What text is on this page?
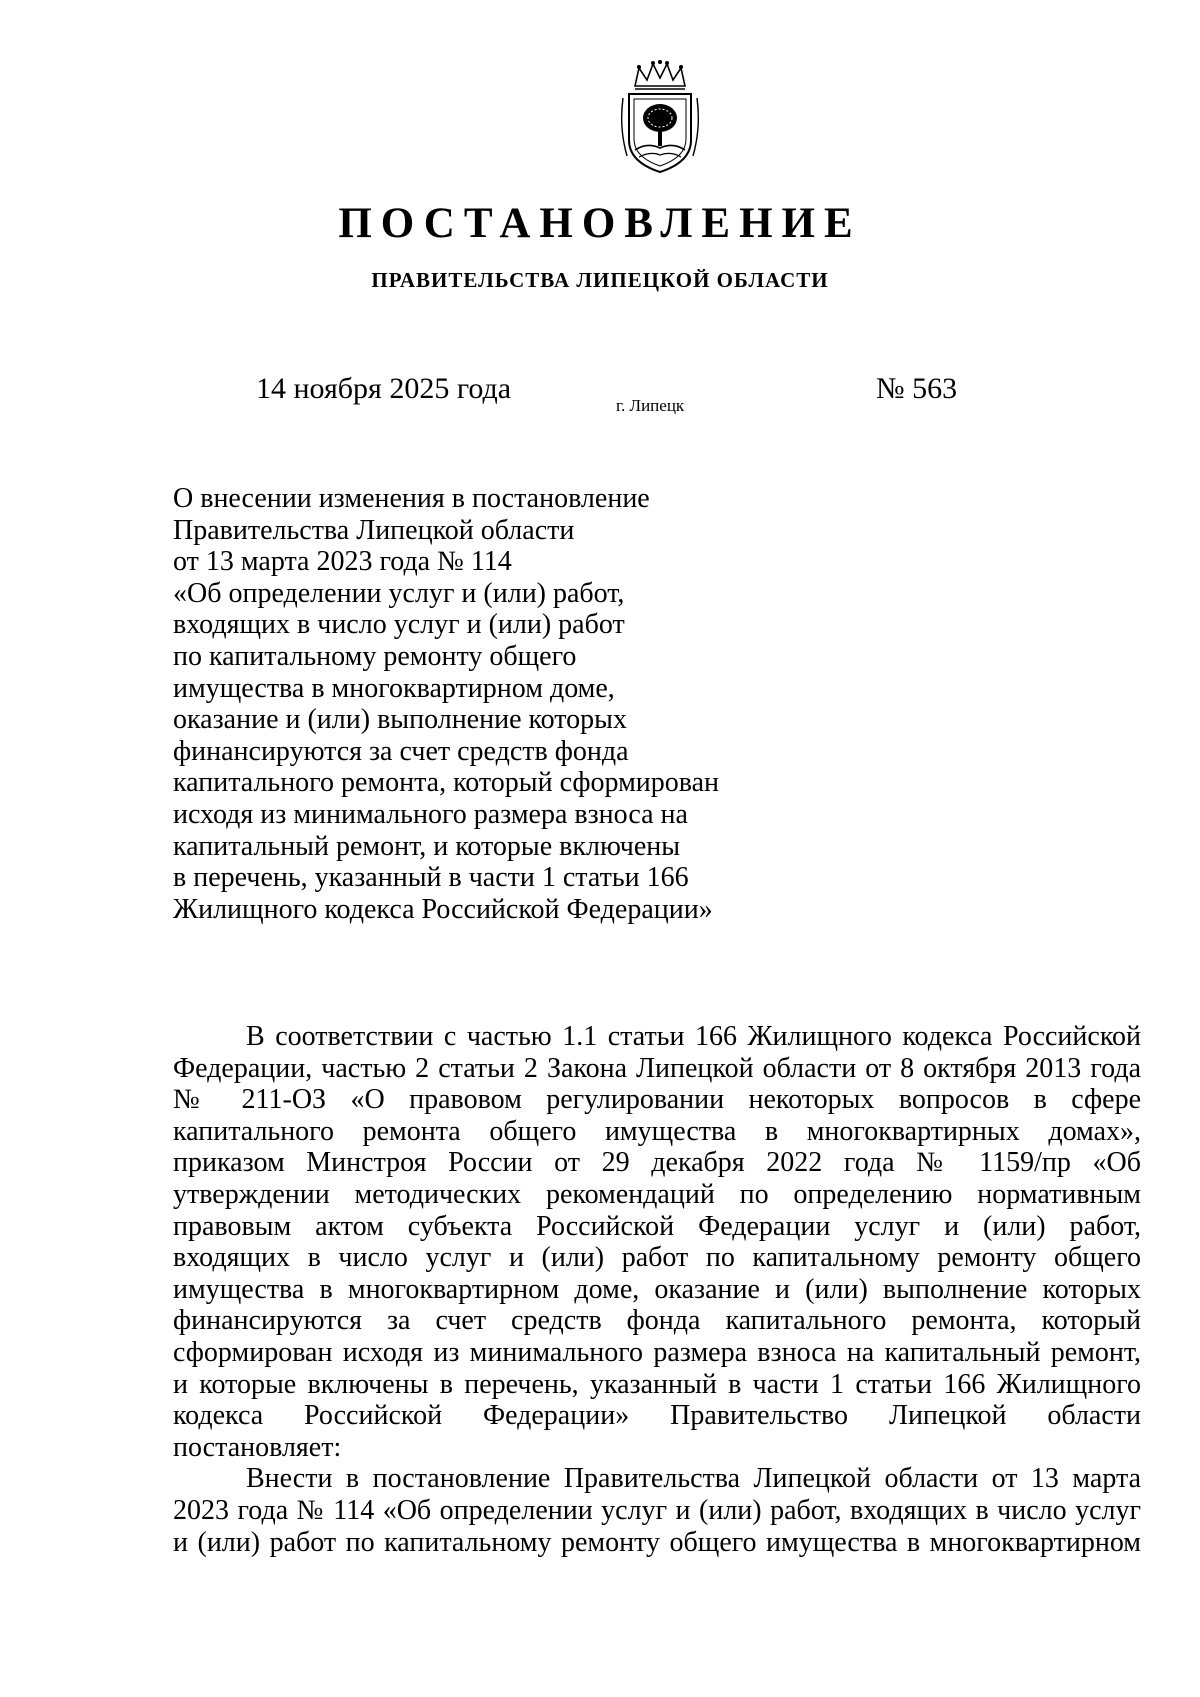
ПОСТАНОВЛЕНИЕ
ПРАВИТЕЛЬСТВА ЛИПЕЦКОЙ ОБЛАСТИ
14 ноября 2025 года
г. Липецк
№ 563
О внесении изменения в постановление
Правительства Липецкой области
от 13 марта 2023 года № 114
«Об определении услуг и (или) работ,
входящих в число услуг и (или) работ
по капитальному ремонту общего
имущества в многоквартирном доме,
оказание и (или) выполнение которых
финансируются за счет средств фонда
капитального ремонта, который сформирован
исходя из минимального размера взноса на
капитальный ремонт, и которые включены
в перечень, указанный в части 1 статьи 166
Жилищного кодекса Российской Федерации»
В соответствии с частью 1.1 статьи 166 Жилищного кодекса Российской
Федерации, частью 2 статьи 2 Закона Липецкой области от 8 октября 2013 года
№ 211-ОЗ «О правовом регулировании некоторых вопросов в сфере
капитального ремонта общего имущества в многоквартирных домах»,
приказом Минстроя России от 29 декабря 2022 года № 1159/пр «Об
утверждении методических рекомендаций по определению нормативным
правовым актом субъекта Российской Федерации услуг и (или) работ,
входящих в число услуг и (или) работ по капитальному ремонту общего
имущества в многоквартирном доме, оказание и (или) выполнение которых
финансируются за счет средств фонда капитального ремонта, который
сформирован исходя из минимального размера взноса на капитальный ремонт,
и которые включены в перечень, указанный в части 1 статьи 166 Жилищного
кодекса Российской Федерации» Правительство Липецкой области
постановляет:
Внести в постановление Правительства Липецкой области от 13 марта
2023 года № 114 «Об определении услуг и (или) работ, входящих в число услуг
и (или) работ по капитальному ремонту общего имущества в многоквартирном
